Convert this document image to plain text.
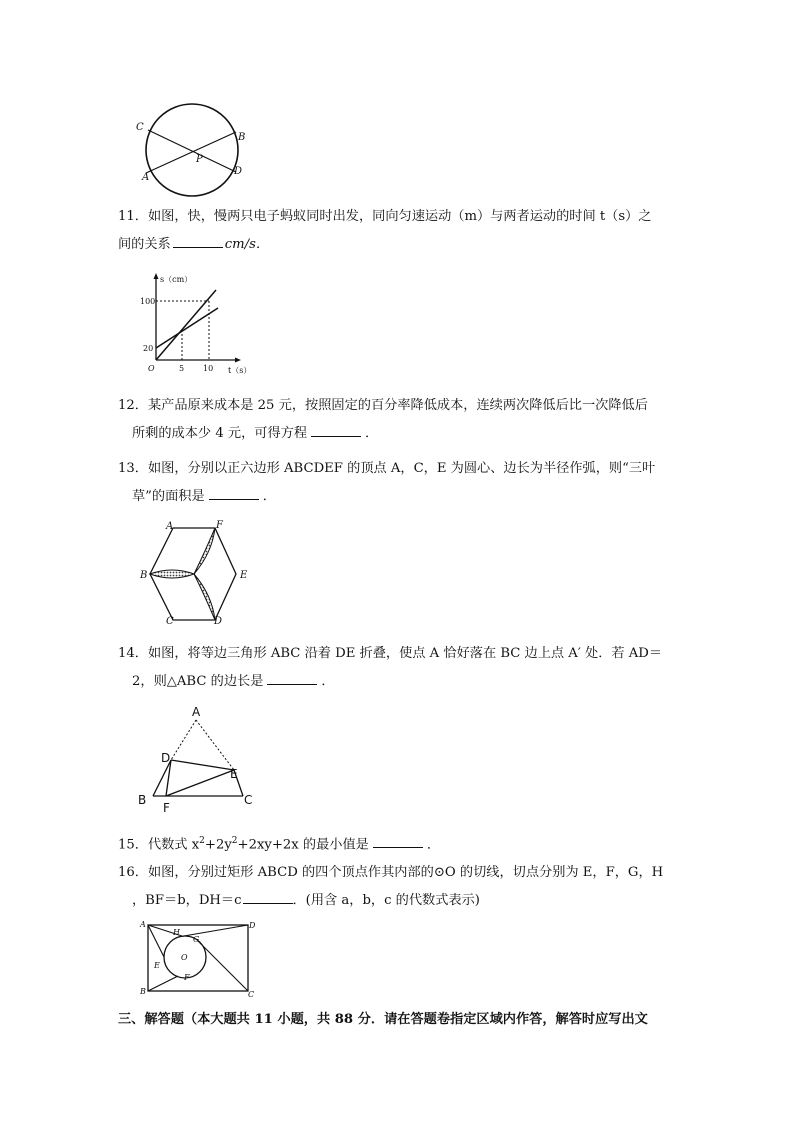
C
B
A
D
P
11．如图，快，慢两只电子蚂蚁同时出发，同向匀速运动（m）与两者运动的时间 t（s）之
间的关系	cm/s．
s（cm）
100
20
O	5 10 t（s）
12．某产品原来成本是 25 元，按照固定的百分率降低成本，连续两次降低后比一次降低后
所剩的成本少 4 元，可得方程	．
13．如图，分别以正六边形 ABCDEF 的顶点 A，C，E 为圆心、边长为半径作弧，则“三叶
草”的面积是	．
A	F
B	E
C	D
14．如图，将等边三角形 ABC 沿着 DE 折叠，使点 A 恰好落在 BC 边上点 A′ 处．若 AD＝
2，则△ABC 的边长是	．
A
D
E
B
F
C
15．代数式 $x^2+2y^2+2xy+2x$ 的最小值是	．
16．如图，分别过矩形 ABCD 的四个顶点作其内部的⊙O 的切线，切点分别为 E，F，G，H
，BF＝b，DH＝c	．(用含 a，b，c 的代数式表示)
A	D
H
G
O
E
F
B	C
三、解答题（本大题共 11 小题，共 88 分．请在答题卷指定区域内作答，解答时应写出文
